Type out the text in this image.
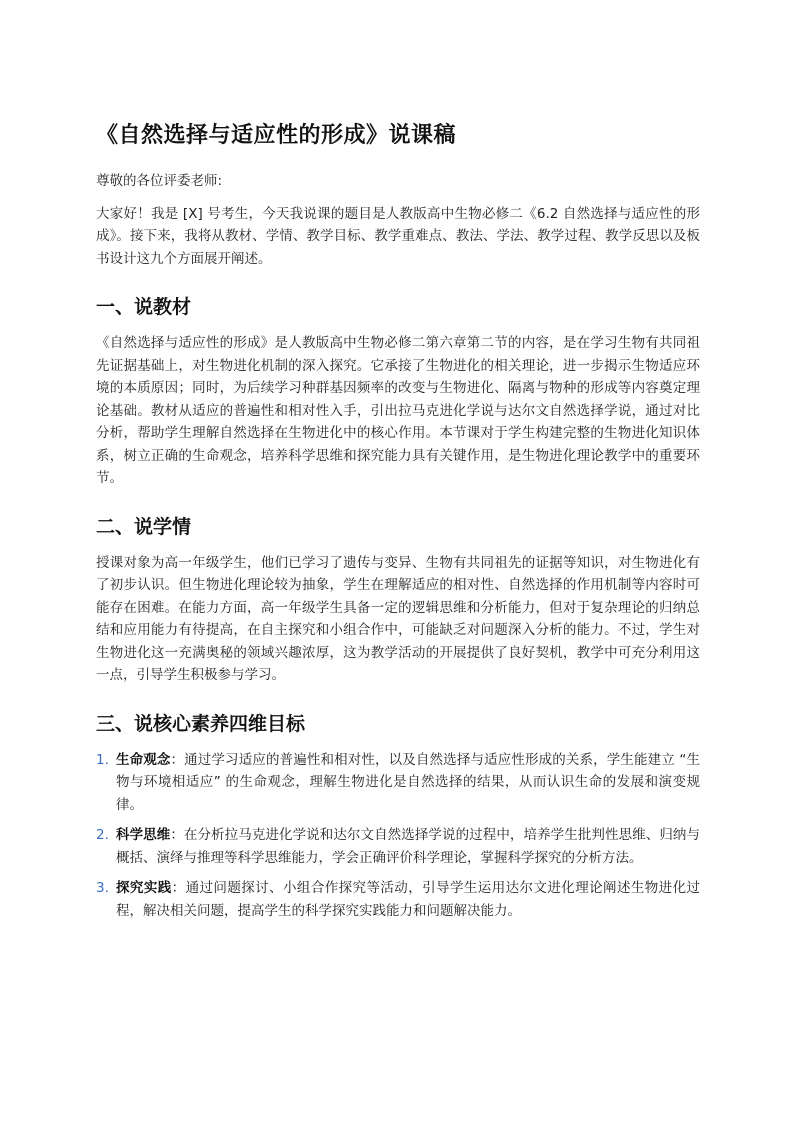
《自然选择与适应性的形成》说课稿

尊敬的各位评委老师:

大家好！我是 [X] 号考生，今天我说课的题目是人教版高中生物必修二《6.2 自然选择与适应性的形成》。接下来，我将从教材、学情、教学目标、教学重难点、教法、学法、教学过程、教学反思以及板书设计这九个方面展开阐述。

一、说教材

《自然选择与适应性的形成》是人教版高中生物必修二第六章第二节的内容，是在学习生物有共同祖先证据基础上，对生物进化机制的深入探究。它承接了生物进化的相关理论，进一步揭示生物适应环境的本质原因；同时，为后续学习种群基因频率的改变与生物进化、隔离与物种的形成等内容奠定理论基础。教材从适应的普遍性和相对性入手，引出拉马克进化学说与达尔文自然选择学说，通过对比分析，帮助学生理解自然选择在生物进化中的核心作用。本节课对于学生构建完整的生物进化知识体系，树立正确的生命观念，培养科学思维和探究能力具有关键作用，是生物进化理论教学中的重要环节。

二、说学情

授课对象为高一年级学生，他们已学习了遗传与变异、生物有共同祖先的证据等知识，对生物进化有了初步认识。但生物进化理论较为抽象，学生在理解适应的相对性、自然选择的作用机制等内容时可能存在困难。在能力方面，高一年级学生具备一定的逻辑思维和分析能力，但对于复杂理论的归纳总结和应用能力有待提高，在自主探究和小组合作中，可能缺乏对问题深入分析的能力。不过，学生对生物进化这一充满奥秘的领域兴趣浓厚，这为教学活动的开展提供了良好契机，教学中可充分利用这一点，引导学生积极参与学习。

三、说核心素养四维目标
1. 生命观念：通过学习适应的普遍性和相对性，以及自然选择与适应性形成的关系，学生能建立 “生物与环境相适应” 的生命观念，理解生物进化是自然选择的结果，从而认识生命的发展和演变规律。
2. 科学思维：在分析拉马克进化学说和达尔文自然选择学说的过程中，培养学生批判性思维、归纳与概括、演绎与推理等科学思维能力，学会正确评价科学理论，掌握科学探究的分析方法。
3. 探究实践：通过问题探讨、小组合作探究等活动，引导学生运用达尔文进化理论阐述生物进化过程，解决相关问题，提高学生的科学探究实践能力和问题解决能力。
